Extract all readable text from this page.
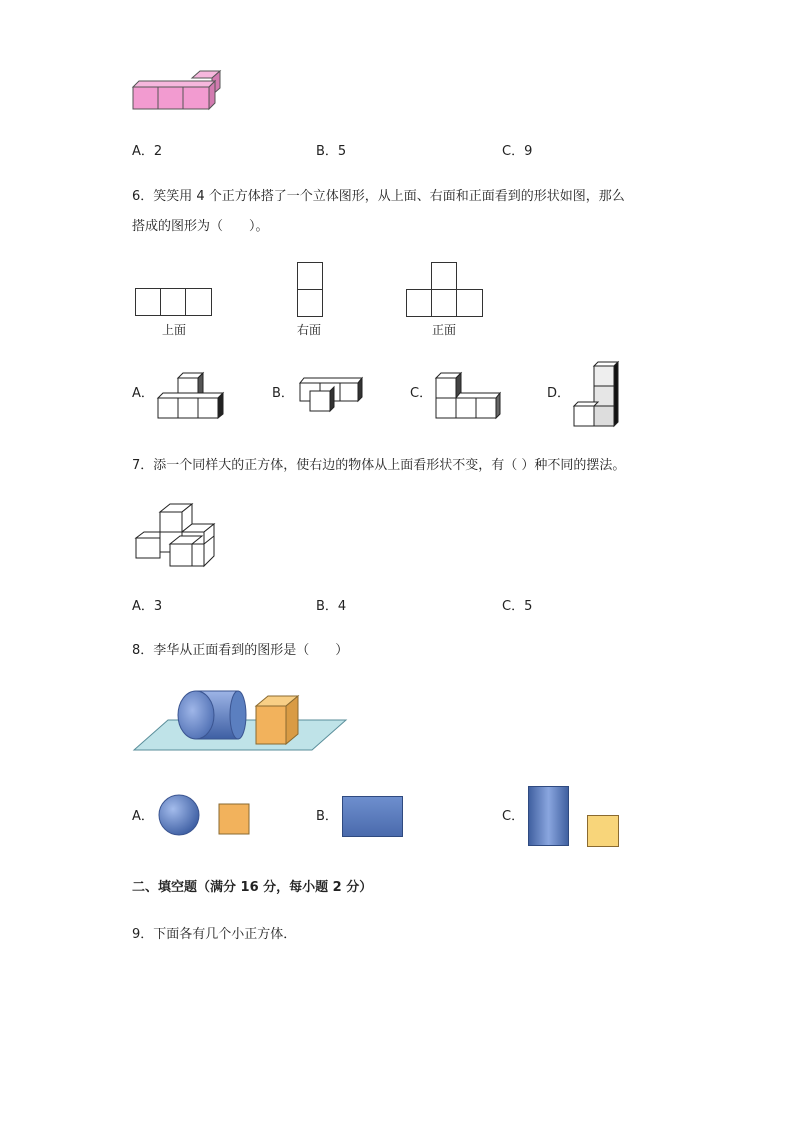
A．2	B．5	C．9
6．笑笑用 4 个正方体搭了一个立体图形，从上面、右面和正面看到的形状如图，那么
搭成的图形为（　　）。
上面	右面	正面
A．	B．	C．	D．
7．添一个同样大的正方体，使右边的物体从上面看形状不变，有（ ）种不同的摆法。
A．3	B．4	C．5
8．李华从正面看到的图形是（　　）
A．	B．	C．
二、填空题（满分 16 分，每小题 2 分）
9．下面各有几个小正方体．
